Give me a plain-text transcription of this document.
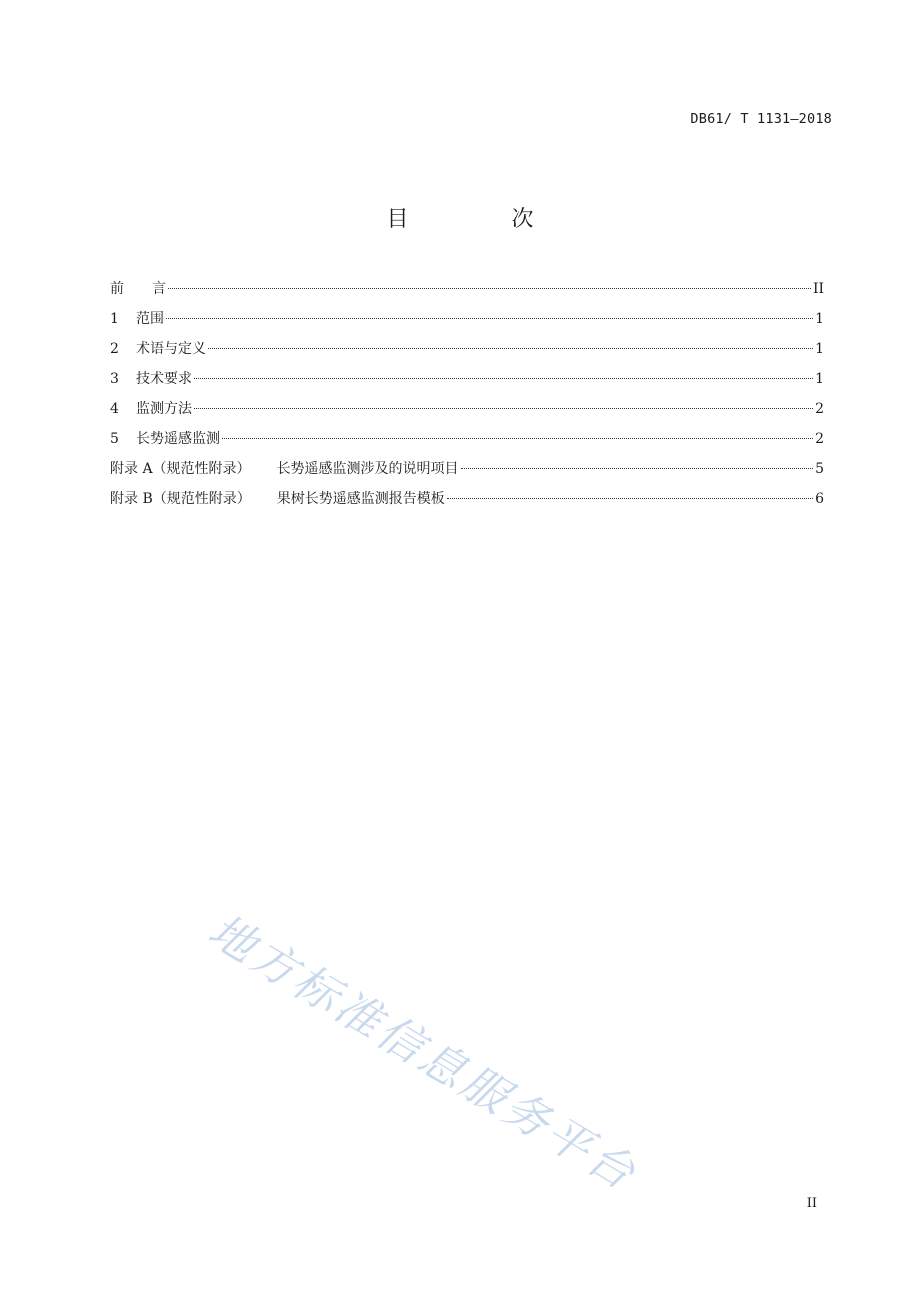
DB61/ T 1131—2018
目 次
前　　言	II
1 范围	1
2 术语与定义	1
3 技术要求	1
4 监测方法	2
5 长势遥感监测	2
附录 A（规范性附录） 长势遥感监测涉及的说明项目	5
附录 B（规范性附录） 果树长势遥感监测报告模板	6
地方标准信息服务平台
II
